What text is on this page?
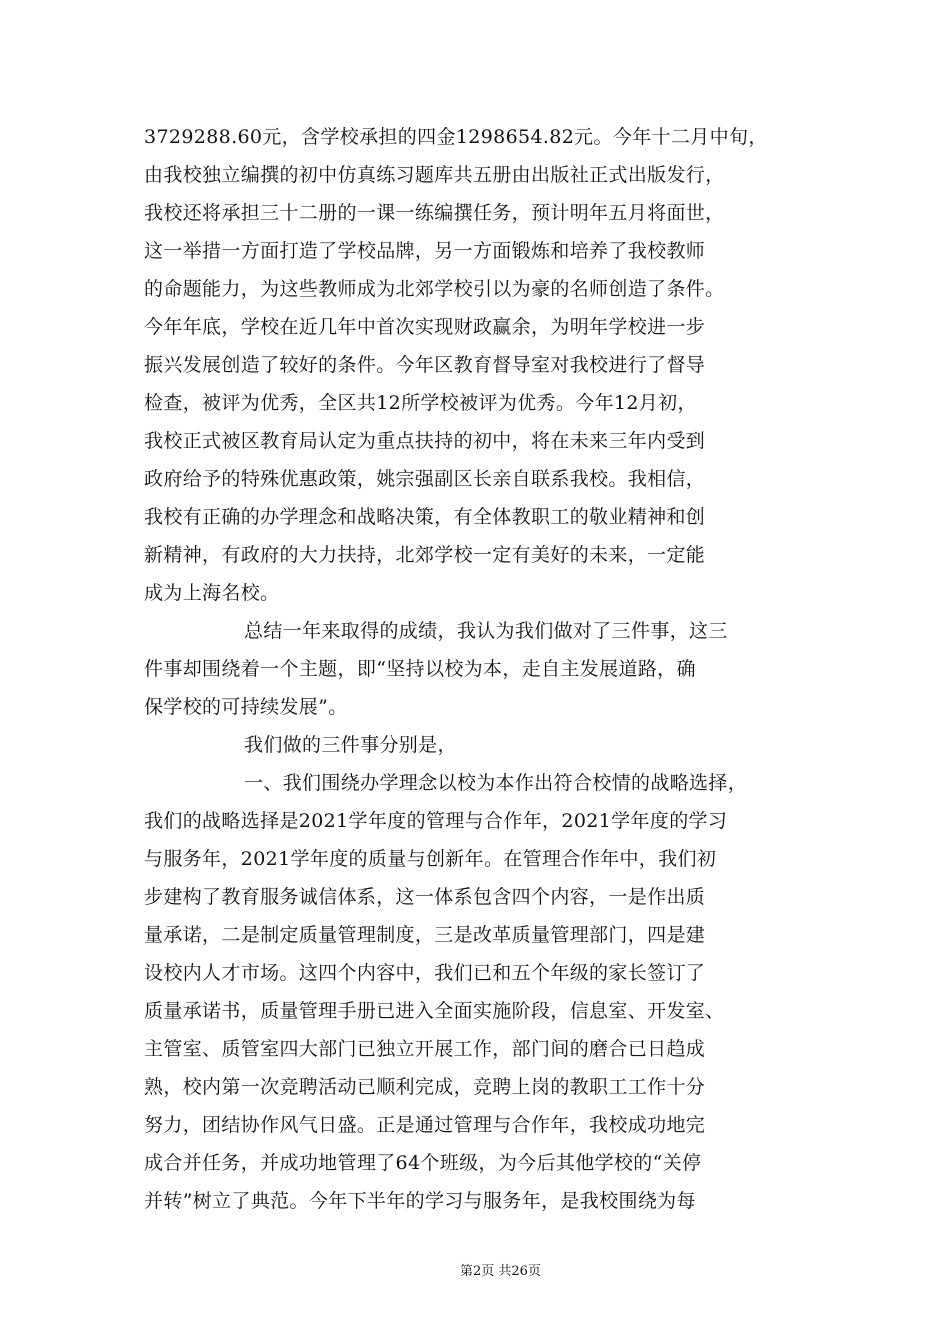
3729288.60元，含学校承担的四金1298654.82元。今年十二月中旬，
由我校独立编撰的初中仿真练习题库共五册由出版社正式出版发行，
我校还将承担三十二册的一课一练编撰任务，预计明年五月将面世，
这一举措一方面打造了学校品牌，另一方面锻炼和培养了我校教师
的命题能力，为这些教师成为北郊学校引以为豪的名师创造了条件。
今年年底，学校在近几年中首次实现财政赢余，为明年学校进一步
振兴发展创造了较好的条件。今年区教育督导室对我校进行了督导
检查，被评为优秀，全区共12所学校被评为优秀。今年12月初，
我校正式被区教育局认定为重点扶持的初中，将在未来三年内受到
政府给予的特殊优惠政策，姚宗强副区长亲自联系我校。我相信，
我校有正确的办学理念和战略决策，有全体教职工的敬业精神和创
新精神，有政府的大力扶持，北郊学校一定有美好的未来，一定能
成为上海名校。
总结一年来取得的成绩，我认为我们做对了三件事，这三
件事却围绕着一个主题，即“坚持以校为本，走自主发展道路，确
保学校的可持续发展”。
我们做的三件事分别是，
一、我们围绕办学理念以校为本作出符合校情的战略选择，
我们的战略选择是2021学年度的管理与合作年，2021学年度的学习
与服务年，2021学年度的质量与创新年。在管理合作年中，我们初
步建构了教育服务诚信体系，这一体系包含四个内容，一是作出质
量承诺，二是制定质量管理制度，三是改革质量管理部门，四是建
设校内人才市场。这四个内容中，我们已和五个年级的家长签订了
质量承诺书，质量管理手册已进入全面实施阶段，信息室、开发室、
主管室、质管室四大部门已独立开展工作，部门间的磨合已日趋成
熟，校内第一次竞聘活动已顺利完成，竞聘上岗的教职工工作十分
努力，团结协作风气日盛。正是通过管理与合作年，我校成功地完
成合并任务，并成功地管理了64个班级，为今后其他学校的“关停
并转”树立了典范。今年下半年的学习与服务年，是我校围绕为每
第2页 共26页
